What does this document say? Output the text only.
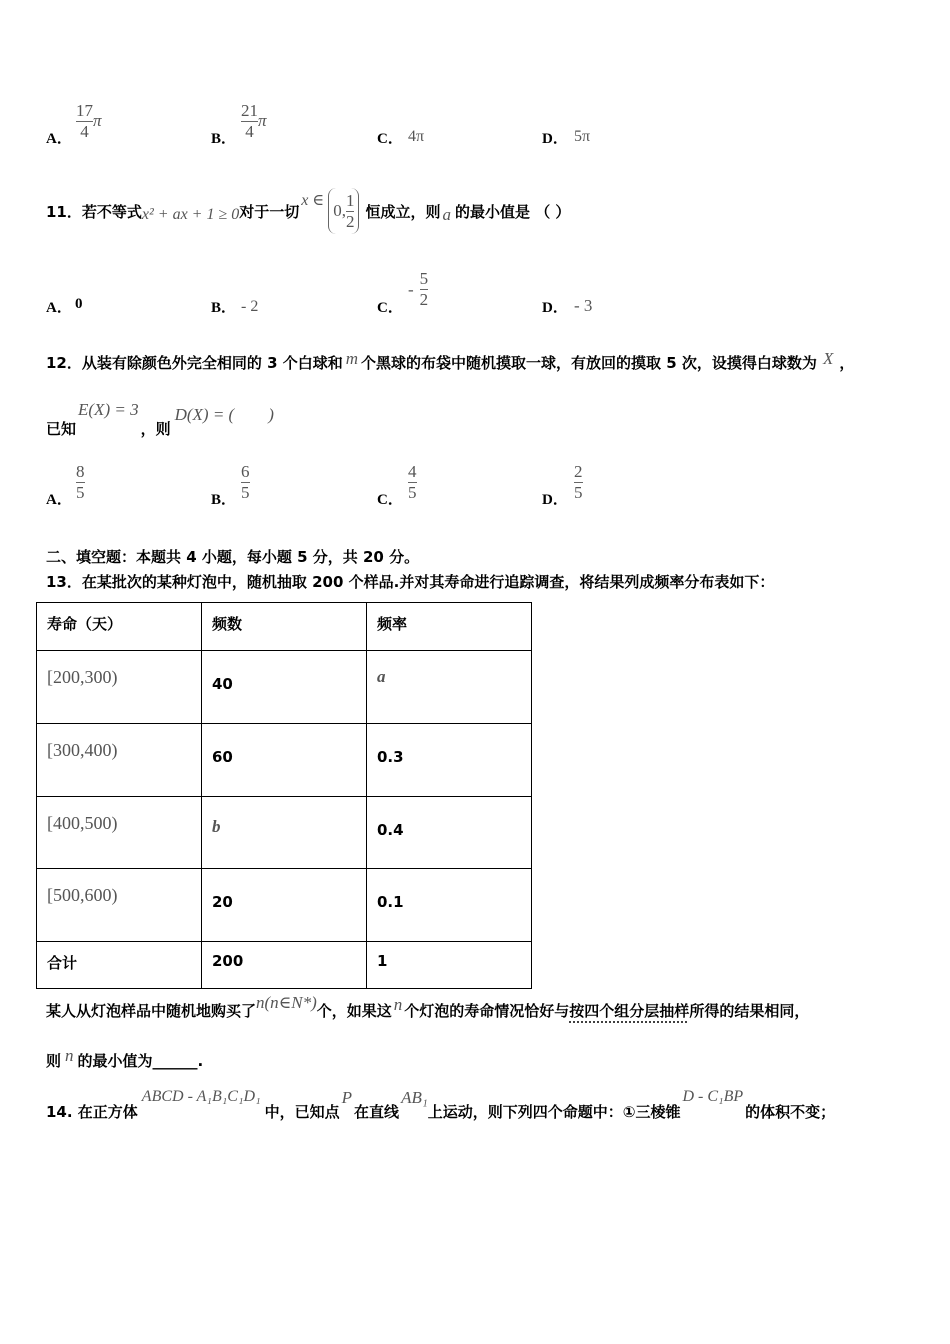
A． $\frac{17}{4}$ π
B． $\frac{21}{4}$ π
C． 4π	D． 5π
11．若不等式 x² + ax + 1 ≥ 0 对于一切
x ∈
0, $\frac{1}{2}$ 恒成立，则 a 的最小值是 （ ）
A． 0	B． - 2	C．
- $\frac{5}{2}$	D． - 3
12．从装有除颜色外完全相同的 3 个白球和 m 个黑球的布袋中随机摸取一球，有放回的摸取 5 次，设摸得白球数为 X ，
已知
E(X) = 3
，则
D(X) = (　　)
A． $\frac{8}{5}$	B． $\frac{6}{5}$	C． $\frac{4}{5}$	D． $\frac{2}{5}$
二、填空题：本题共 4 小题，每小题 5 分，共 20 分。
13．在某批次的某种灯泡中，随机抽取 200 个样品.并对其寿命进行追踪调查，将结果列成频率分布表如下：
寿命（天）	频数	频率
[200,300)	40	a
[300,400)	60	0.3
[400,500)	b	0.4
[500,600)	20	0.1
合计	200	1
某人从灯泡样品中随机地购买了 n(n∈N*) 个，如果这 n 个灯泡的寿命情况恰好与 按四个组分层抽样 所得的结果相同，
则 n 的最小值为______.
14. 在正方体
ABCD - A₁B₁C₁D₁
中，已知点
P
在直线
AB₁
上运动，则下列四个命题中：①三棱锥
D - C₁BP
的体积不变；
